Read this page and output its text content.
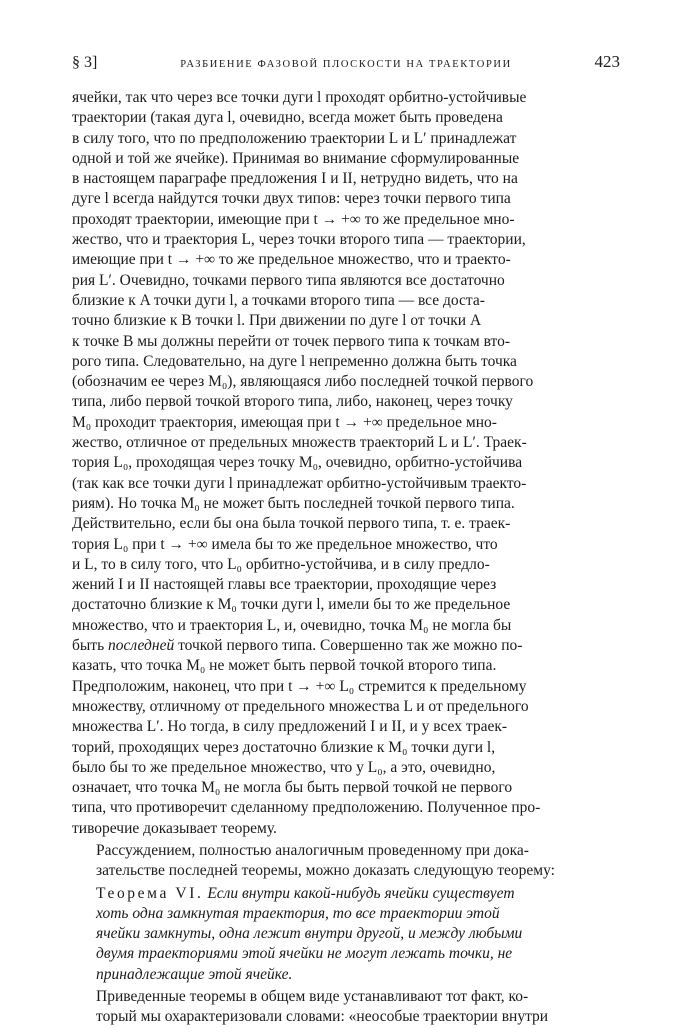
§ 3]	РАЗБИЕНИЕ ФАЗОВОЙ ПЛОСКОСТИ НА ТРАЕКТОРИИ	423

ячейки, так что через все точки дуги l проходят орбитно-устойчивые
траектории (такая дуга l, очевидно, всегда может быть проведена
в силу того, что по предположению траектории L и L′ принадлежат
одной и той же ячейке). Принимая во внимание сформулированные
в настоящем параграфе предложения I и II, нетрудно видеть, что на
дуге l всегда найдутся точки двух типов: через точки первого типа
проходят траектории, имеющие при t → +∞ то же предельное мно-
жество, что и траектория L, через точки второго типа — траектории,
имеющие при t → +∞ то же предельное множество, что и траекто-
рия L′. Очевидно, точками первого типа являются все достаточно
близкие к A точки дуги l, а точками второго типа — все доста-
точно близкие к B точки l. При движении по дуге l от точки A
к точке B мы должны перейти от точек первого типа к точкам вто-
рого типа. Следовательно, на дуге l непременно должна быть точка
(обозначим ее через M₀), являющаяся либо последней точкой первого
типа, либо первой точкой второго типа, либо, наконец, через точку
M₀ проходит траектория, имеющая при t → +∞ предельное мно-
жество, отличное от предельных множеств траекторий L и L′. Траек-
тория L₀, проходящая через точку M₀, очевидно, орбитно-устойчива
(так как все точки дуги l принадлежат орбитно-устойчивым траекто-
риям). Но точка M₀ не может быть последней точкой первого типа.
Действительно, если бы она была точкой первого типа, т. е. траек-
тория L₀ при t → +∞ имела бы то же предельное множество, что
и L, то в силу того, что L₀ орбитно-устойчива, и в силу предло-
жений I и II настоящей главы все траектории, проходящие через
достаточно близкие к M₀ точки дуги l, имели бы то же предельное
множество, что и траектория L, и, очевидно, точка M₀ не могла бы
быть последней точкой первого типа. Совершенно так же можно по-
казать, что точка M₀ не может быть первой точкой второго типа.
Предположим, наконец, что при t → +∞ L₀ стремится к предельному
множеству, отличному от предельного множества L и от предельного
множества L′. Но тогда, в силу предложений I и II, и у всех траек-
торий, проходящих через достаточно близкие к M₀ точки дуги l,
было бы то же предельное множество, что у L₀, а это, очевидно,
означает, что точка M₀ не могла бы быть первой точкой не первого
типа, что противоречит сделанному предположению. Полученное про-
тиворечие доказывает теорему.

Рассуждением, полностью аналогичным проведенному при дока-
зательстве последней теоремы, можно доказать следующую теорему:

Теорема VI. Если внутри какой-нибудь ячейки существует
хоть одна замкнутая траектория, то все траектории этой
ячейки замкнуты, одна лежит внутри другой, и между любыми
двумя траекториями этой ячейки не могут лежать точки, не
принадлежащие этой ячейке.

Приведенные теоремы в общем виде устанавливают тот факт, ко-
торый мы охарактеризовали словами: «неособые траектории внутри
